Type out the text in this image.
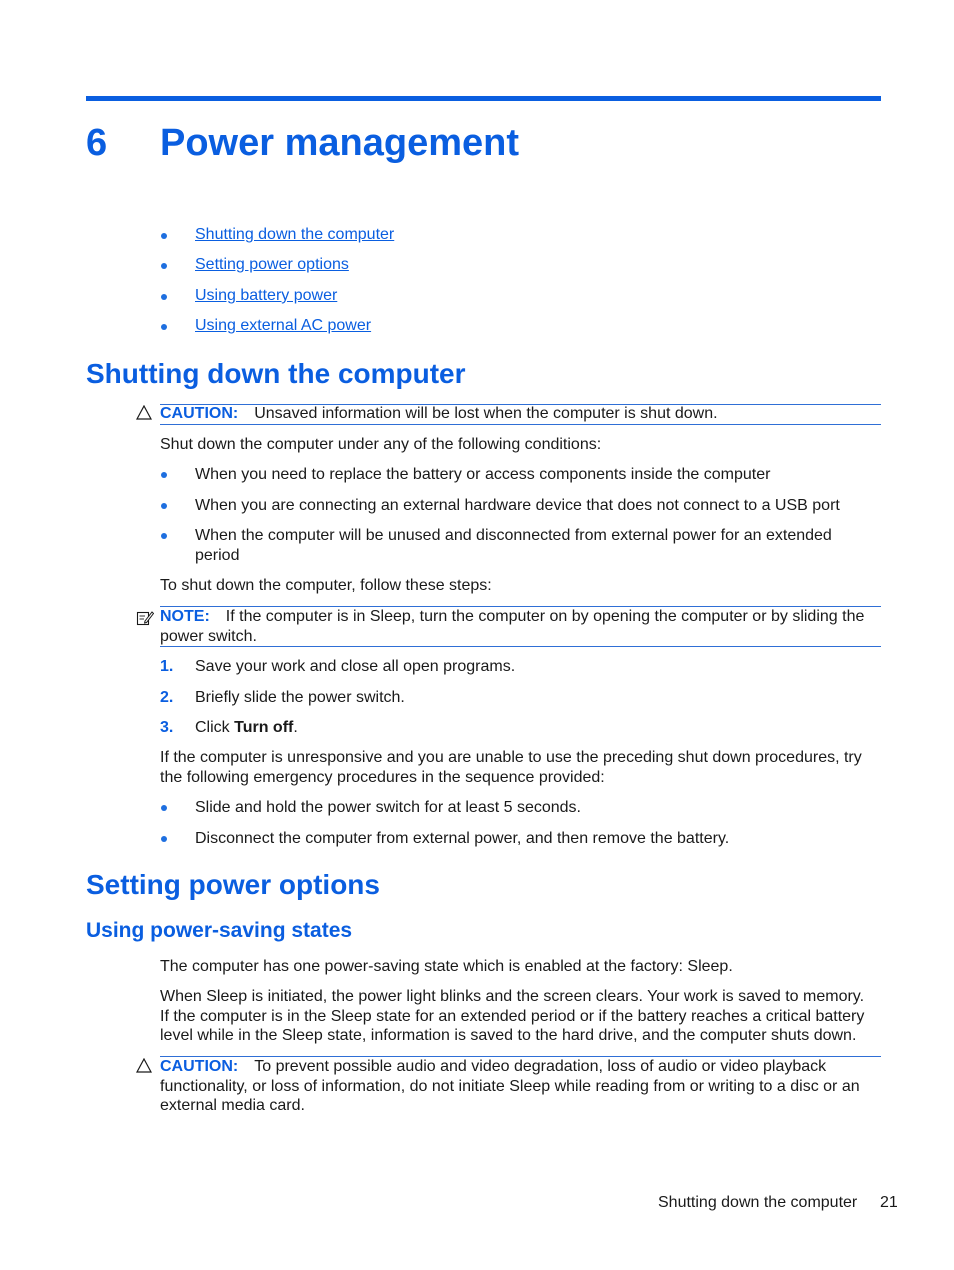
6 Power management
Shutting down the computer
Setting power options
Using battery power
Using external AC power
Shutting down the computer
CAUTION: Unsaved information will be lost when the computer is shut down.
Shut down the computer under any of the following conditions:
When you need to replace the battery or access components inside the computer
When you are connecting an external hardware device that does not connect to a USB port
When the computer will be unused and disconnected from external power for an extended period
To shut down the computer, follow these steps:
NOTE: If the computer is in Sleep, turn the computer on by opening the computer or by sliding the power switch.
1. Save your work and close all open programs.
2. Briefly slide the power switch.
3. Click Turn off.
If the computer is unresponsive and you are unable to use the preceding shut down procedures, try the following emergency procedures in the sequence provided:
Slide and hold the power switch for at least 5 seconds.
Disconnect the computer from external power, and then remove the battery.
Setting power options
Using power-saving states
The computer has one power-saving state which is enabled at the factory: Sleep.
When Sleep is initiated, the power light blinks and the screen clears. Your work is saved to memory. If the computer is in the Sleep state for an extended period or if the battery reaches a critical battery level while in the Sleep state, information is saved to the hard drive, and the computer shuts down.
CAUTION: To prevent possible audio and video degradation, loss of audio or video playback functionality, or loss of information, do not initiate Sleep while reading from or writing to a disc or an external media card.
Shutting down the computer 21
